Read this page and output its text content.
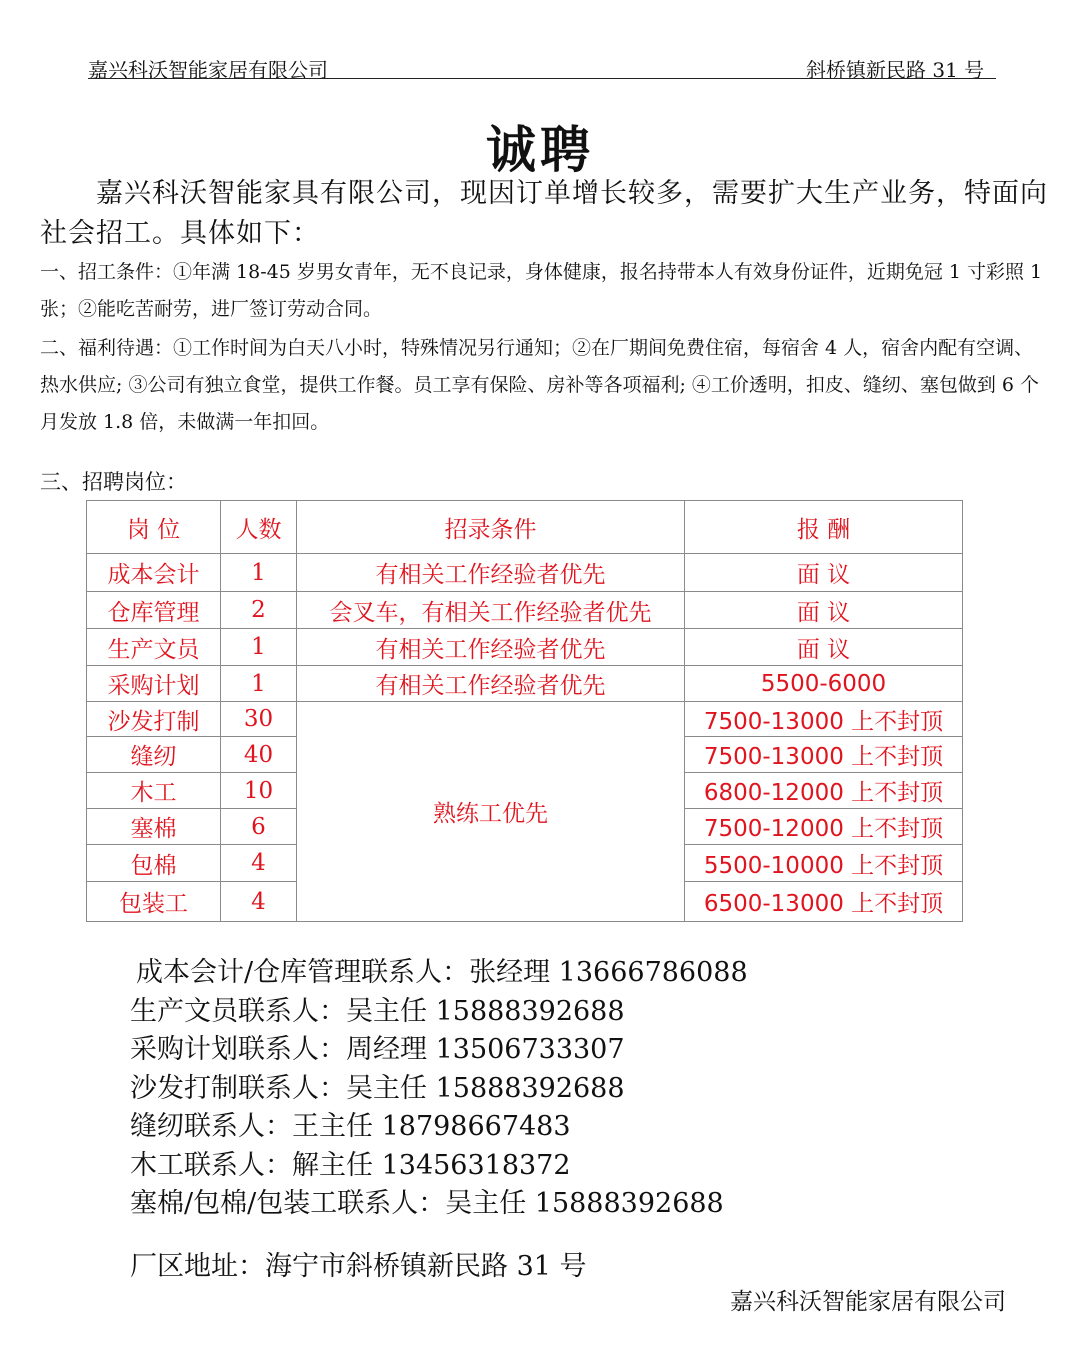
嘉兴科沃智能家居有限公司	斜桥镇新民路 31 号
诚聘
嘉兴科沃智能家具有限公司，现因订单增长较多，需要扩大生产业务，特面向社会招工。具体如下：
一、招工条件：①年满 18-45 岁男女青年，无不良记录，身体健康，报名持带本人有效身份证件，近期免冠 1 寸彩照 1 张；②能吃苦耐劳，进厂签订劳动合同。
二、福利待遇：①工作时间为白天八小时，特殊情况另行通知；②在厂期间免费住宿，每宿舍 4 人，宿舍内配有空调、热水供应; ③公司有独立食堂，提供工作餐。员工享有保险、房补等各项福利; ④工价透明，扣皮、缝纫、塞包做到 6 个月发放 1.8 倍，未做满一年扣回。
三、招聘岗位：
岗 位	人数	招录条件	报 酬
成本会计	1	有相关工作经验者优先	面 议
仓库管理	2	会叉车，有相关工作经验者优先	面 议
生产文员	1	有相关工作经验者优先	面 议
采购计划	1	有相关工作经验者优先	5500-6000
沙发打制	30	熟练工优先	7500-13000 上不封顶
缝纫	40		7500-13000 上不封顶
木工	10		6800-12000 上不封顶
塞棉	6		7500-12000 上不封顶
包棉	4		5500-10000 上不封顶
包装工	4		6500-13000 上不封顶
成本会计/仓库管理联系人：张经理 13666786088
生产文员联系人：吴主任 15888392688
采购计划联系人：周经理 13506733307
沙发打制联系人：吴主任 15888392688
缝纫联系人：王主任 18798667483
木工联系人：解主任 13456318372
塞棉/包棉/包装工联系人：吴主任 15888392688
厂区地址：海宁市斜桥镇新民路 31 号
嘉兴科沃智能家居有限公司
